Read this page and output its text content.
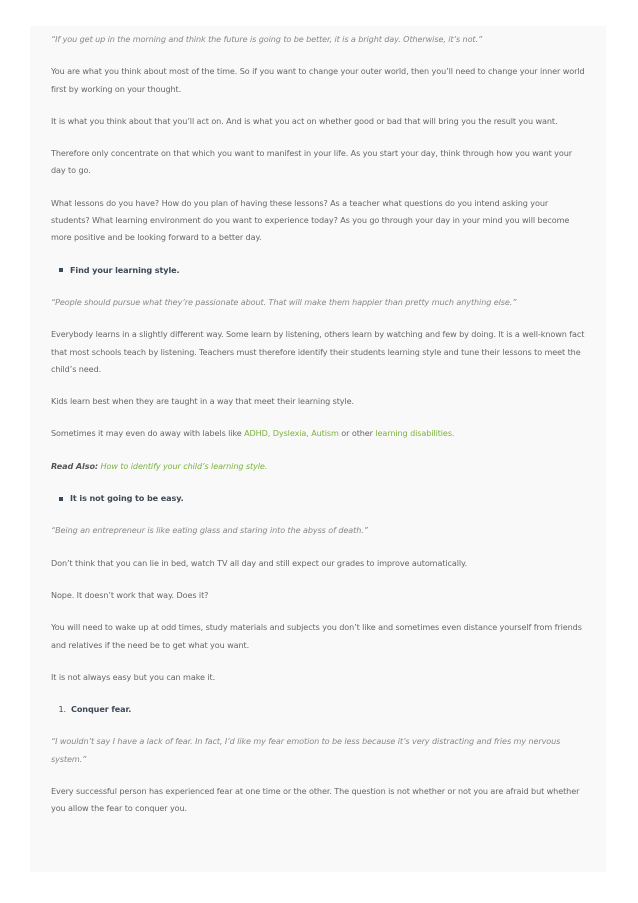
“If you get up in the morning and think the future is going to be better, it is a bright day. Otherwise, it’s not.”

You are what you think about most of the time. So if you want to change your outer world, then you’ll need to change your inner world first by working on your thought.

It is what you think about that you’ll act on. And is what you act on whether good or bad that will bring you the result you want.

Therefore only concentrate on that which you want to manifest in your life. As you start your day, think through how you want your day to go.

What lessons do you have? How do you plan of having these lessons? As a teacher what questions do you intend asking your students? What learning environment do you want to experience today? As you go through your day in your mind you will become more positive and be looking forward to a better day.

Find your learning style.

“People should pursue what they’re passionate about. That will make them happier than pretty much anything else.”

Everybody learns in a slightly different way. Some learn by listening, others learn by watching and few by doing. It is a well-known fact that most schools teach by listening. Teachers must therefore identify their students learning style and tune their lessons to meet the child’s need.

Kids learn best when they are taught in a way that meet their learning style.

Sometimes it may even do away with labels like ADHD, Dyslexia, Autism or other learning disabilities.

Read Also: How to identify your child’s learning style.

It is not going to be easy.

“Being an entrepreneur is like eating glass and staring into the abyss of death.”

Don’t think that you can lie in bed, watch TV all day and still expect our grades to improve automatically.

Nope. It doesn’t work that way. Does it?

You will need to wake up at odd times, study materials and subjects you don’t like and sometimes even distance yourself from friends and relatives if the need be to get what you want.

It is not always easy but you can make it.

1. Conquer fear.

“I wouldn’t say I have a lack of fear. In fact, I’d like my fear emotion to be less because it’s very distracting and fries my nervous system.”

Every successful person has experienced fear at one time or the other. The question is not whether or not you are afraid but whether you allow the fear to conquer you.
